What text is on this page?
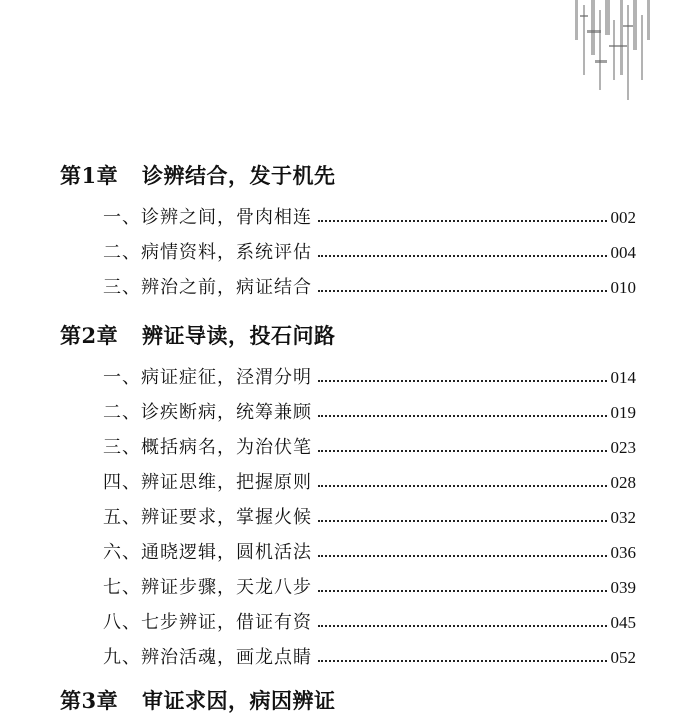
第1章 诊辨结合，发于机先
一、诊辨之间，骨肉相连	002
二、病情资料，系统评估	004
三、辨治之前，病证结合	010
第2章 辨证导读，投石问路
一、病证症征，泾渭分明	014
二、诊疾断病，统筹兼顾	019
三、概括病名，为治伏笔	023
四、辨证思维，把握原则	028
五、辨证要求，掌握火候	032
六、通晓逻辑，圆机活法	036
七、辨证步骤，天龙八步	039
八、七步辨证，借证有资	045
九、辨治活魂，画龙点睛	052
第3章 审证求因，病因辨证
